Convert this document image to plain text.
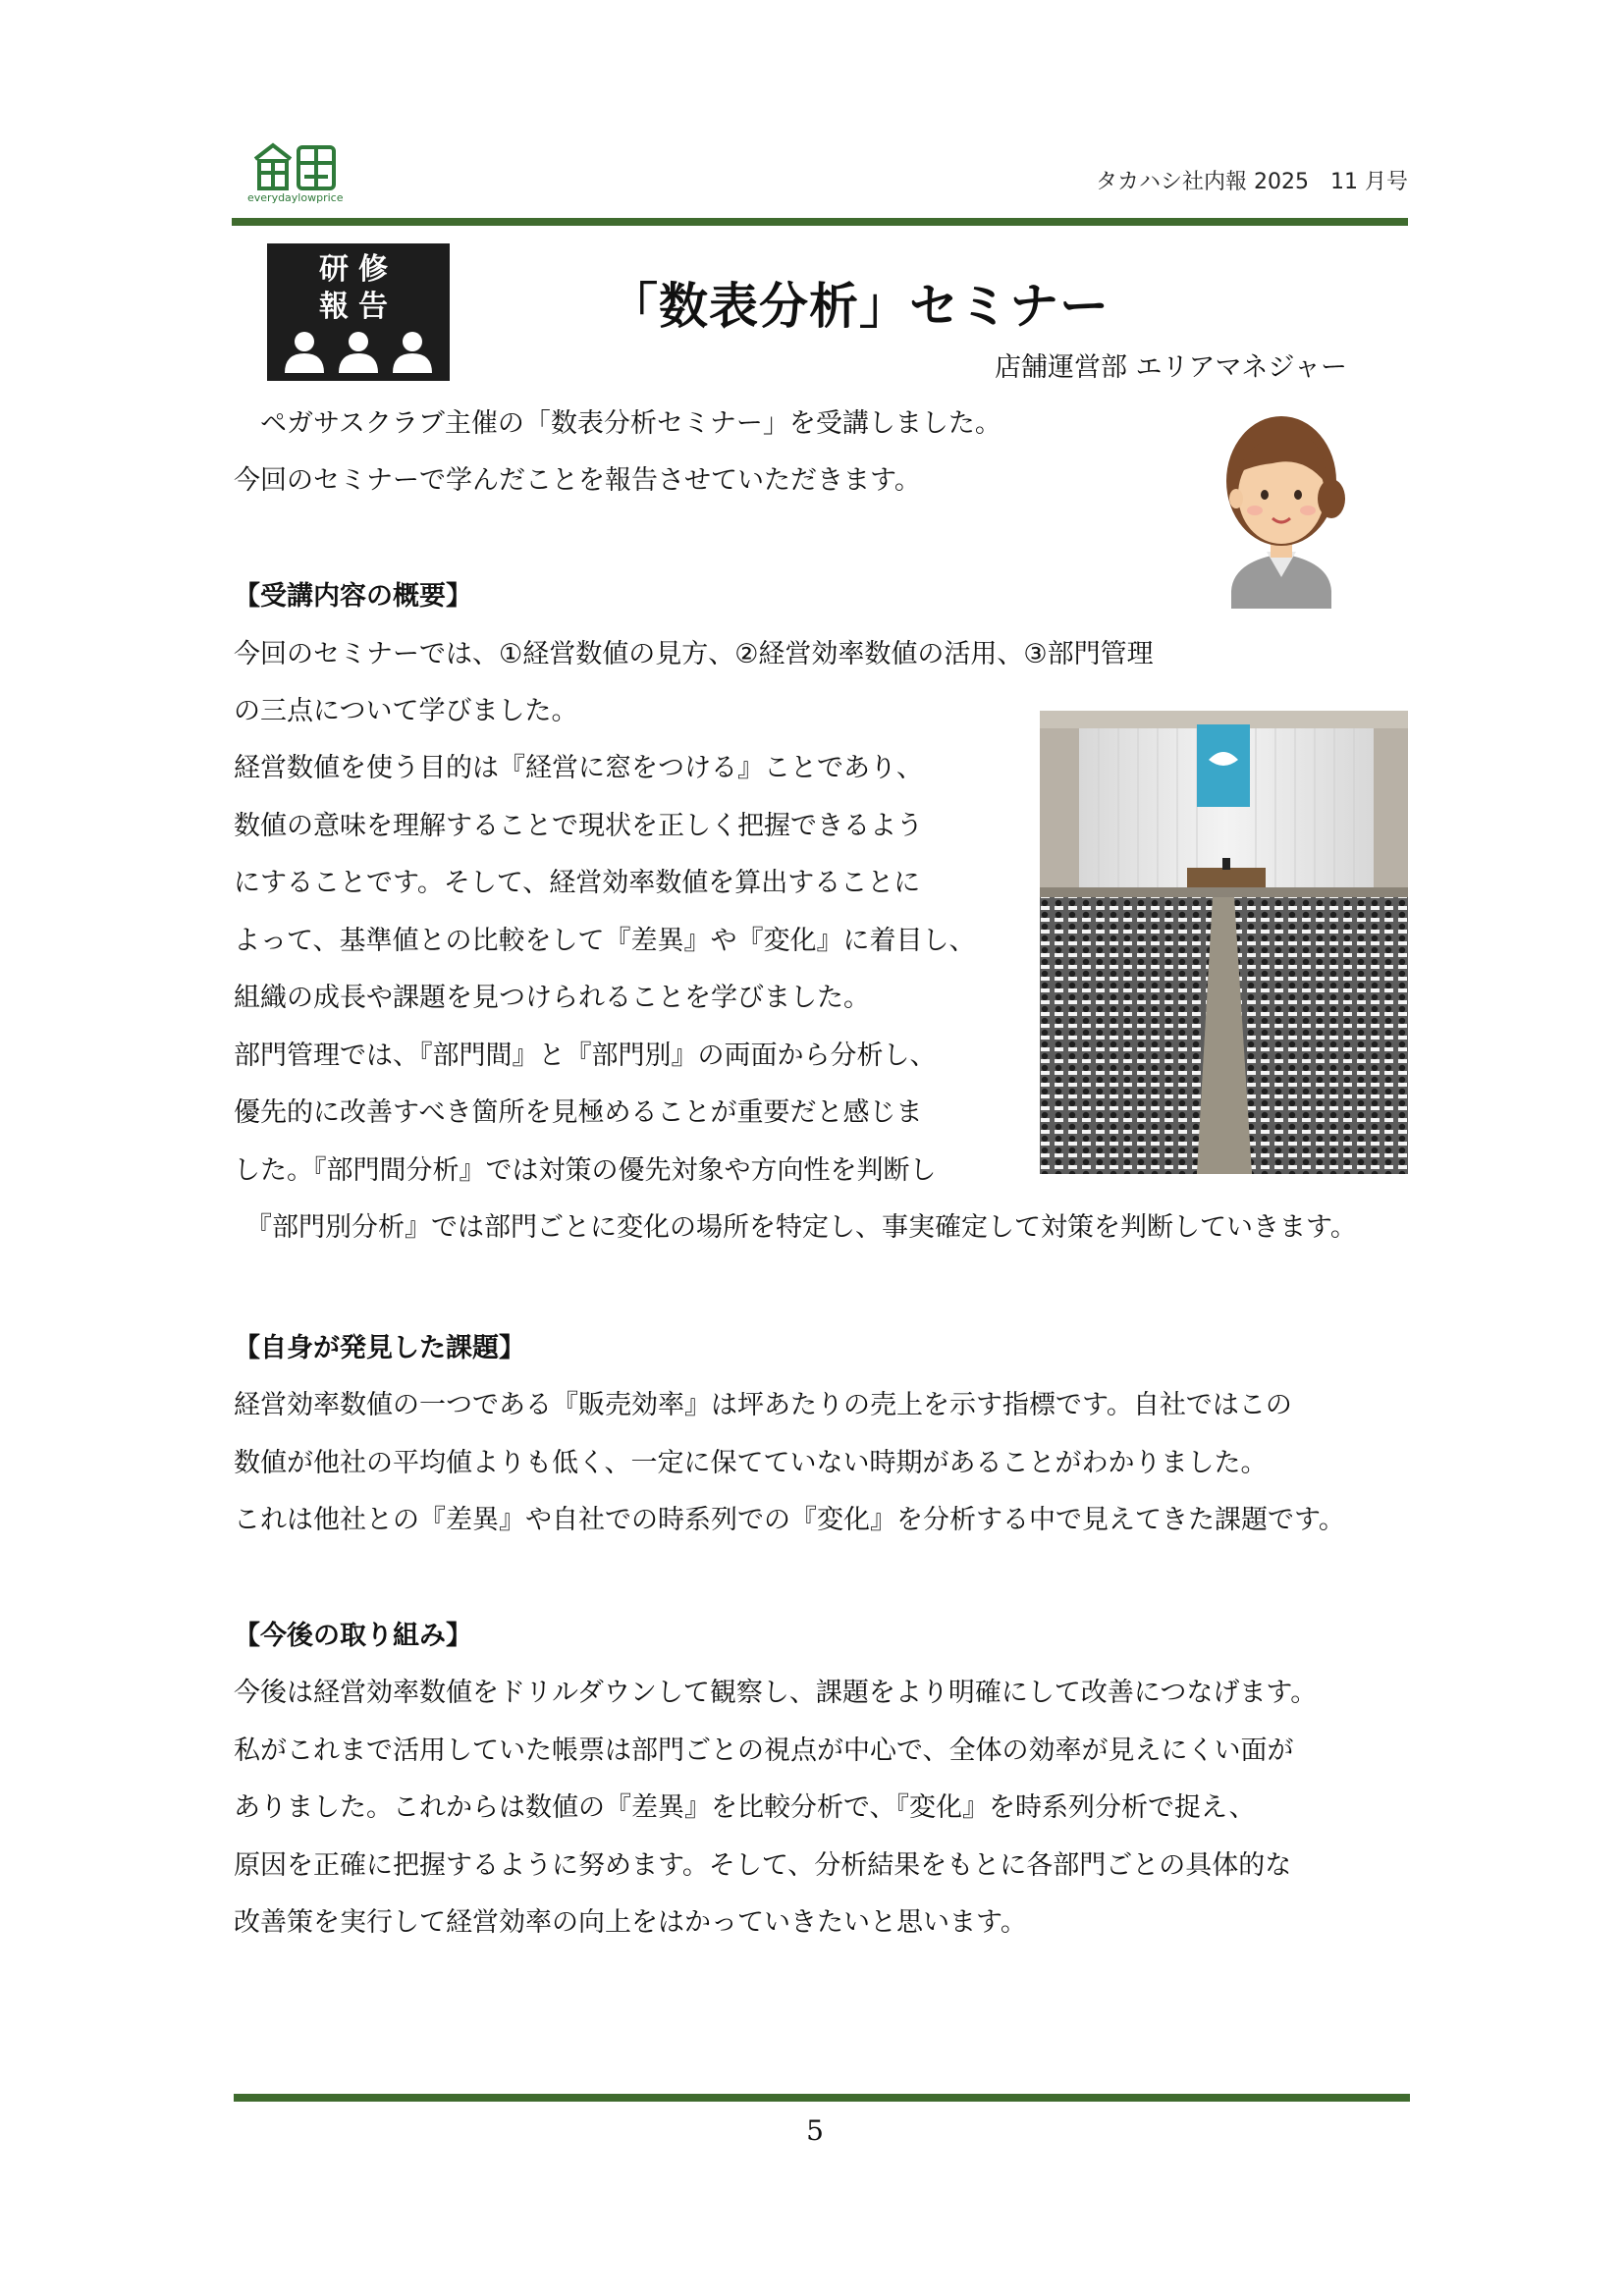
everydaylowprice
タカハシ社内報 2025　11 月号
研修
報告	「数表分析」セミナー
店舗運営部 エリアマネジャー
　ペガサスクラブ主催の「数表分析セミナー」を受講しました。
今回のセミナーで学んだことを報告させていただきます。
【受講内容の概要】
今回のセミナーでは、①経営数値の見方、②経営効率数値の活用、③部門管理
の三点について学びました。
経営数値を使う目的は『経営に窓をつける』ことであり、
数値の意味を理解することで現状を正しく把握できるよう
にすることです。そして、経営効率数値を算出することに
よって、基準値との比較をして『差異』や『変化』に着目し、
組織の成長や課題を見つけられることを学びました。
部門管理では、『部門間』と『部門別』の両面から分析し、
優先的に改善すべき箇所を見極めることが重要だと感じま
した。『部門間分析』では対策の優先対象や方向性を判断し
『部門別分析』では部門ごとに変化の場所を特定し、事実確定して対策を判断していきます。
【自身が発見した課題】
経営効率数値の一つである『販売効率』は坪あたりの売上を示す指標です。自社ではこの
数値が他社の平均値よりも低く、一定に保てていない時期があることがわかりました。
これは他社との『差異』や自社での時系列での『変化』を分析する中で見えてきた課題です。
【今後の取り組み】
今後は経営効率数値をドリルダウンして観察し、課題をより明確にして改善につなげます。
私がこれまで活用していた帳票は部門ごとの視点が中心で、全体の効率が見えにくい面が
ありました。これからは数値の『差異』を比較分析で、『変化』を時系列分析で捉え、
原因を正確に把握するように努めます。そして、分析結果をもとに各部門ごとの具体的な
改善策を実行して経営効率の向上をはかっていきたいと思います。
5
